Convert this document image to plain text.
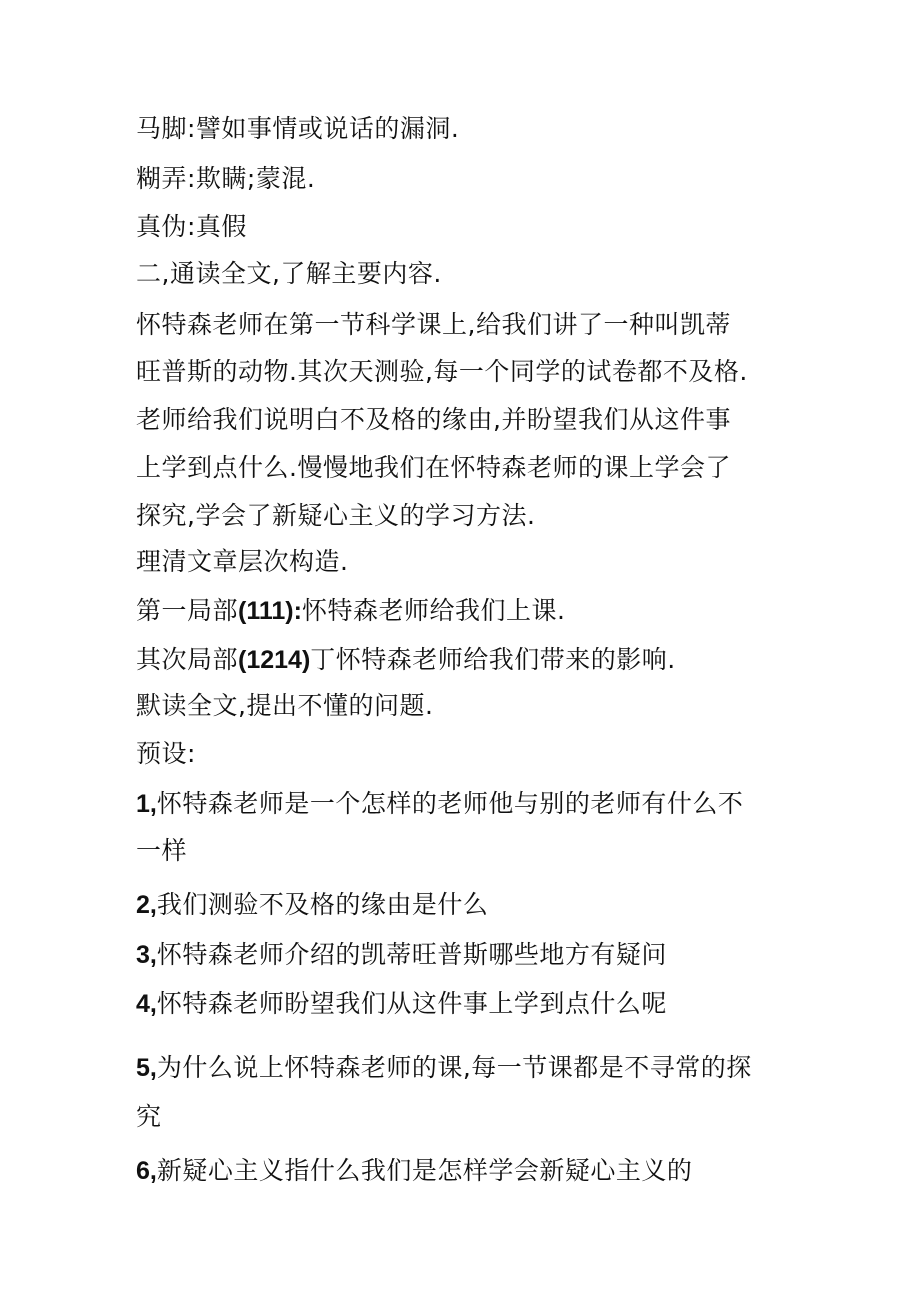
马脚:譬如事情或说话的漏洞.
糊弄:欺瞒;蒙混.
真伪:真假
二,通读全文,了解主要内容.
怀特森老师在第一节科学课上,给我们讲了一种叫凯蒂
旺普斯的动物.其次天测验,每一个同学的试卷都不及格.
老师给我们说明白不及格的缘由,并盼望我们从这件事
上学到点什么.慢慢地我们在怀特森老师的课上学会了
探究,学会了新疑心主义的学习方法.
理清文章层次构造.
第一局部(111):怀特森老师给我们上课.
其次局部(1214)丁怀特森老师给我们带来的影响.
默读全文,提出不懂的问题.
预设:
1,怀特森老师是一个怎样的老师他与别的老师有什么不
一样
2,我们测验不及格的缘由是什么
3,怀特森老师介绍的凯蒂旺普斯哪些地方有疑问
4,怀特森老师盼望我们从这件事上学到点什么呢
5,为什么说上怀特森老师的课,每一节课都是不寻常的探
究
6,新疑心主义指什么我们是怎样学会新疑心主义的
